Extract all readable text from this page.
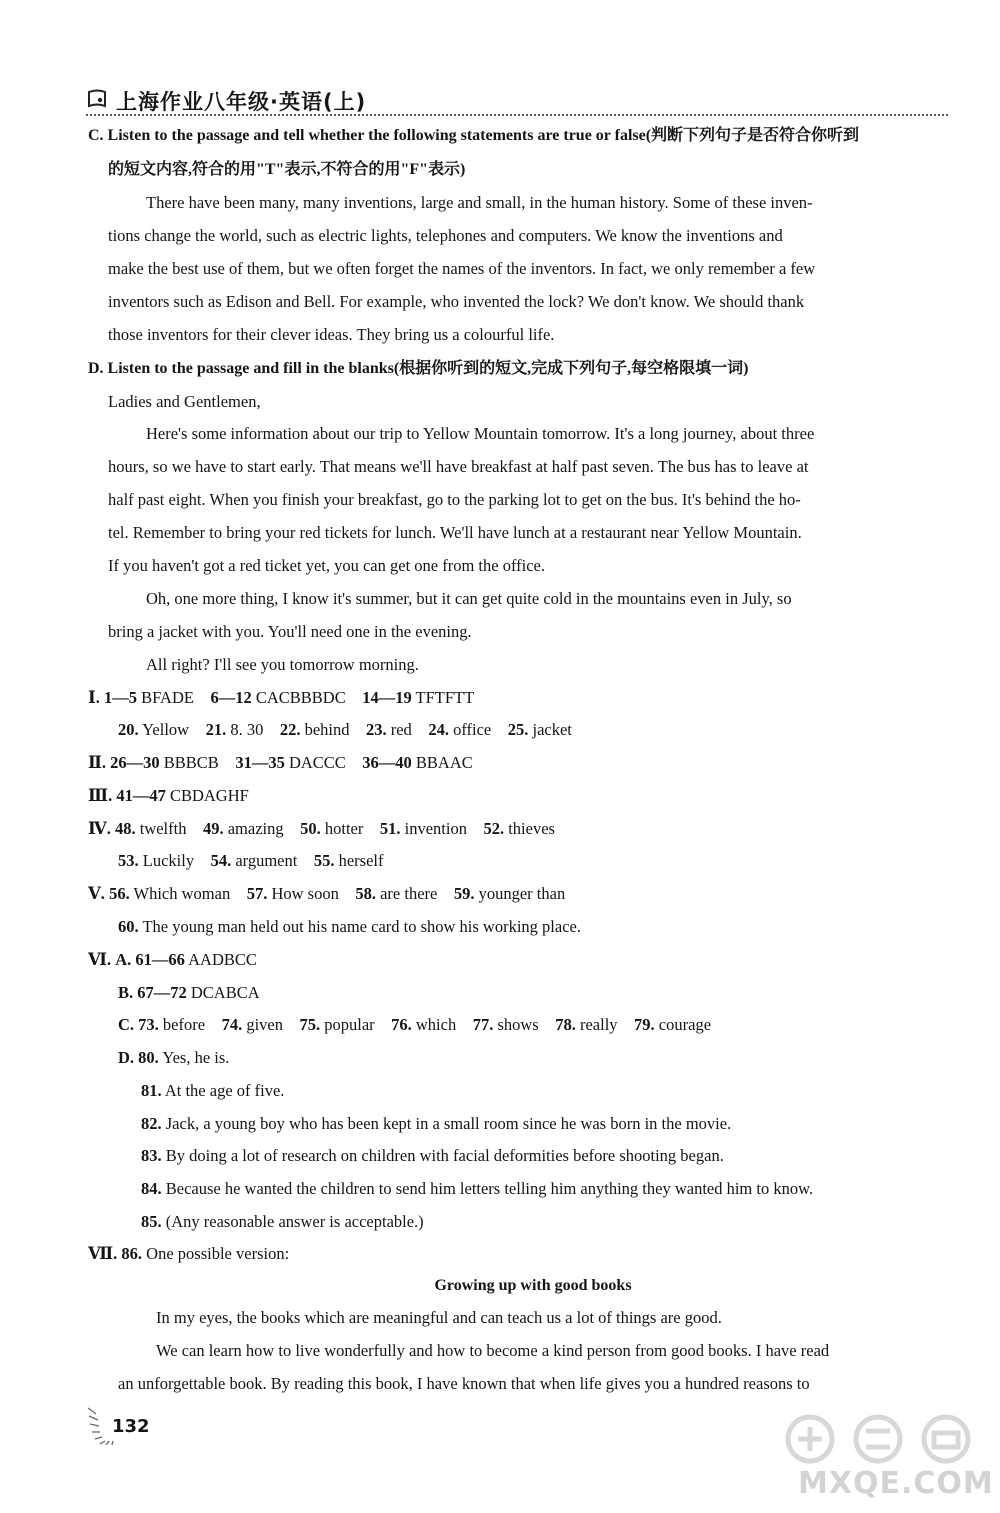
上海作业八年级·英语(上)
C. Listen to the passage and tell whether the following statements are true or false(判断下列句子是否符合你听到
的短文内容,符合的用"T"表示,不符合的用"F"表示)
There have been many, many inventions, large and small, in the human history. Some of these inven-
tions change the world, such as electric lights, telephones and computers. We know the inventions and
make the best use of them, but we often forget the names of the inventors. In fact, we only remember a few
inventors such as Edison and Bell. For example, who invented the lock? We don't know. We should thank
those inventors for their clever ideas. They bring us a colourful life.
D. Listen to the passage and fill in the blanks(根据你听到的短文,完成下列句子,每空格限填一词)
Ladies and Gentlemen,
Here's some information about our trip to Yellow Mountain tomorrow. It's a long journey, about three
hours, so we have to start early. That means we'll have breakfast at half past seven. The bus has to leave at
half past eight. When you finish your breakfast, go to the parking lot to get on the bus. It's behind the ho-
tel. Remember to bring your red tickets for lunch. We'll have lunch at a restaurant near Yellow Mountain.
If you haven't got a red ticket yet, you can get one from the office.
Oh, one more thing, I know it's summer, but it can get quite cold in the mountains even in July, so
bring a jacket with you. You'll need one in the evening.
All right? I'll see you tomorrow morning.
Ⅰ. 1—5 BFADE 6—12 CACBBBDC 14—19 TFTFTT
20. Yellow 21. 8. 30 22. behind 23. red 24. office 25. jacket
Ⅱ. 26—30 BBBCB 31—35 DACCC 36—40 BBAAC
Ⅲ. 41—47 CBDAGHF
Ⅳ. 48. twelfth 49. amazing 50. hotter 51. invention 52. thieves
53. Luckily 54. argument 55. herself
Ⅴ. 56. Which woman 57. How soon 58. are there 59. younger than
60. The young man held out his name card to show his working place.
Ⅵ. A. 61—66 AADBCC
B. 67—72 DCABCA
C. 73. before 74. given 75. popular 76. which 77. shows 78. really 79. courage
D. 80. Yes, he is.
81. At the age of five.
82. Jack, a young boy who has been kept in a small room since he was born in the movie.
83. By doing a lot of research on children with facial deformities before shooting began.
84. Because he wanted the children to send him letters telling him anything they wanted him to know.
85. (Any reasonable answer is acceptable.)
Ⅶ. 86. One possible version:
Growing up with good books
In my eyes, the books which are meaningful and can teach us a lot of things are good.
We can learn how to live wonderfully and how to become a kind person from good books. I have read
an unforgettable book. By reading this book, I have known that when life gives you a hundred reasons to
132
MXQE.COM
